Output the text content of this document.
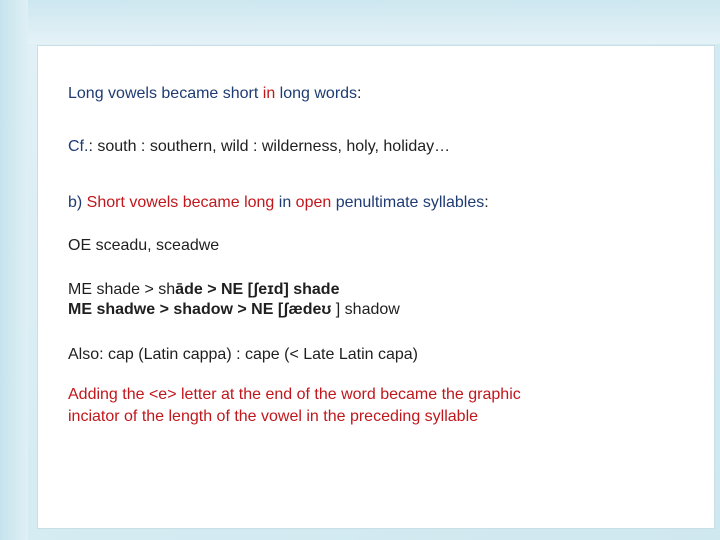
Long vowels became short in long words:
Cf.: south : southern, wild : wilderness, holy, holiday…
b) Short vowels became long in open penultimate syllables:
OE sceadu, sceadwe
ME shade > shāde > NE [ʃeɪd] shade
ME shadwe > shadow > NE [ʃædeʊ ] shadow
Also: cap (Latin cappa) : cape (< Late Latin capa)
Adding the <e> letter at the end of the word became the graphic
inciator of the length of the vowel in the preceding syllable
